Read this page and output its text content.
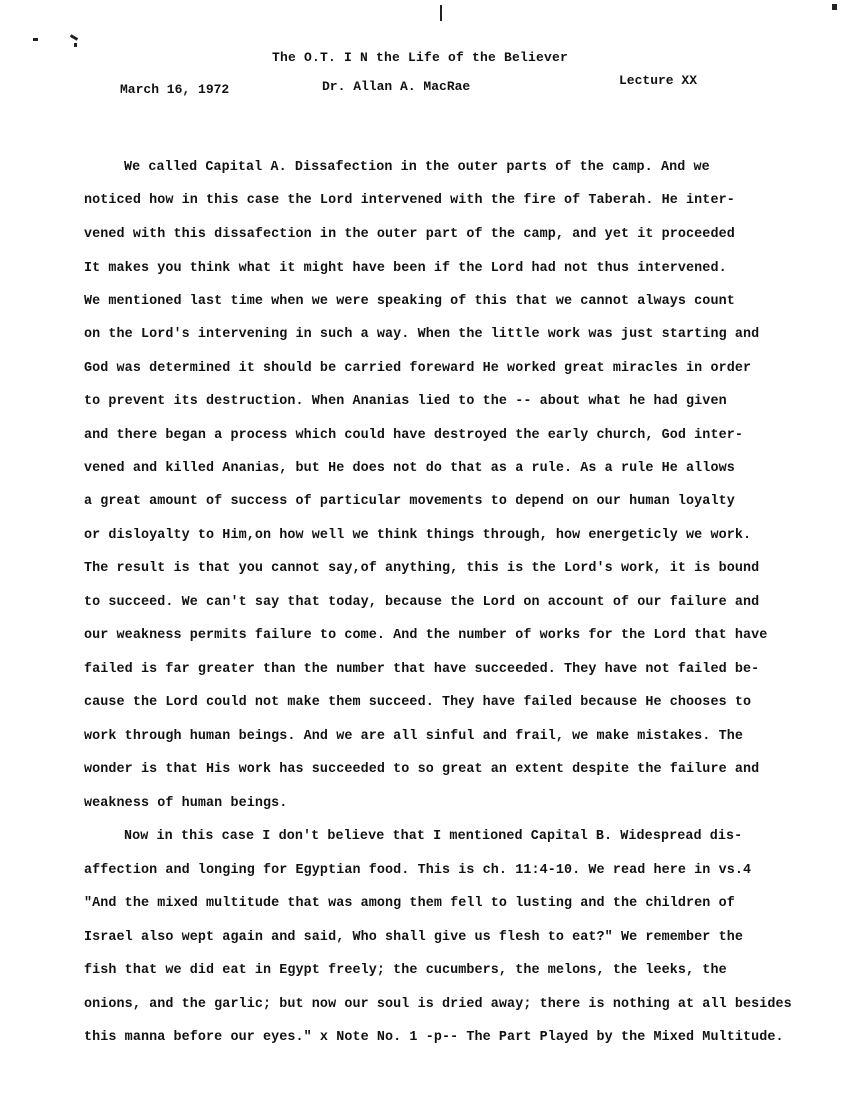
The O.T. I N the Life of the Believer
March 16, 1972	Dr. Allan A. MacRae	Lecture XX
We called Capital A. Dissafection in the outer parts of the camp. And we
noticed how in this case the Lord intervened with the fire of Taberah. He inter-
vened with this dissafection in the outer part of the camp, and yet it proceeded
It makes you think what it might have been if the Lord had not thus intervened.
We mentioned last time when we were speaking of this that we cannot always count
on the Lord's intervening in such a way. When the little work was just starting and
God was determined it should be carried foreward He worked great miracles in order
to prevent its destruction. When Ananias lied to the -- about what he had given
and there began a process which could have destroyed the early church, God inter-
vened and killed Ananias, but He does not do that as a rule. As a rule He allows
a great amount of success of particular movements to depend on our human loyalty
or disloyalty to Him,on how well we think things through, how energeticly we work.
The result is that you cannot say,of anything, this is the Lord's work, it is bound
to succeed. We can't say that today, because the Lord on account of our failure and
our weakness permits failure to come. And the number of works for the Lord that have
failed is far greater than the number that have succeeded. They have not failed be-
cause the Lord could not make them succeed. They have failed because He chooses to
work through human beings. And we are all sinful and frail, we make mistakes. The
wonder is that His work has succeeded to so great an extent despite the failure and
weakness of human beings.
Now in this case I don't believe that I mentioned Capital B. Widespread dis-
affection and longing for Egyptian food. This is ch. 11:4-10. We read here in vs.4
"And the mixed multitude that was among them fell to lusting and the children of
Israel also wept again and said, Who shall give us flesh to eat?" We remember the
fish that we did eat in Egypt freely; the cucumbers, the melons, the leeks, the
onions, and the garlic; but now our soul is dried away; there is nothing at all besides
this manna before our eyes." x Note No. 1 -p-- The Part Played by the Mixed Multitude.
